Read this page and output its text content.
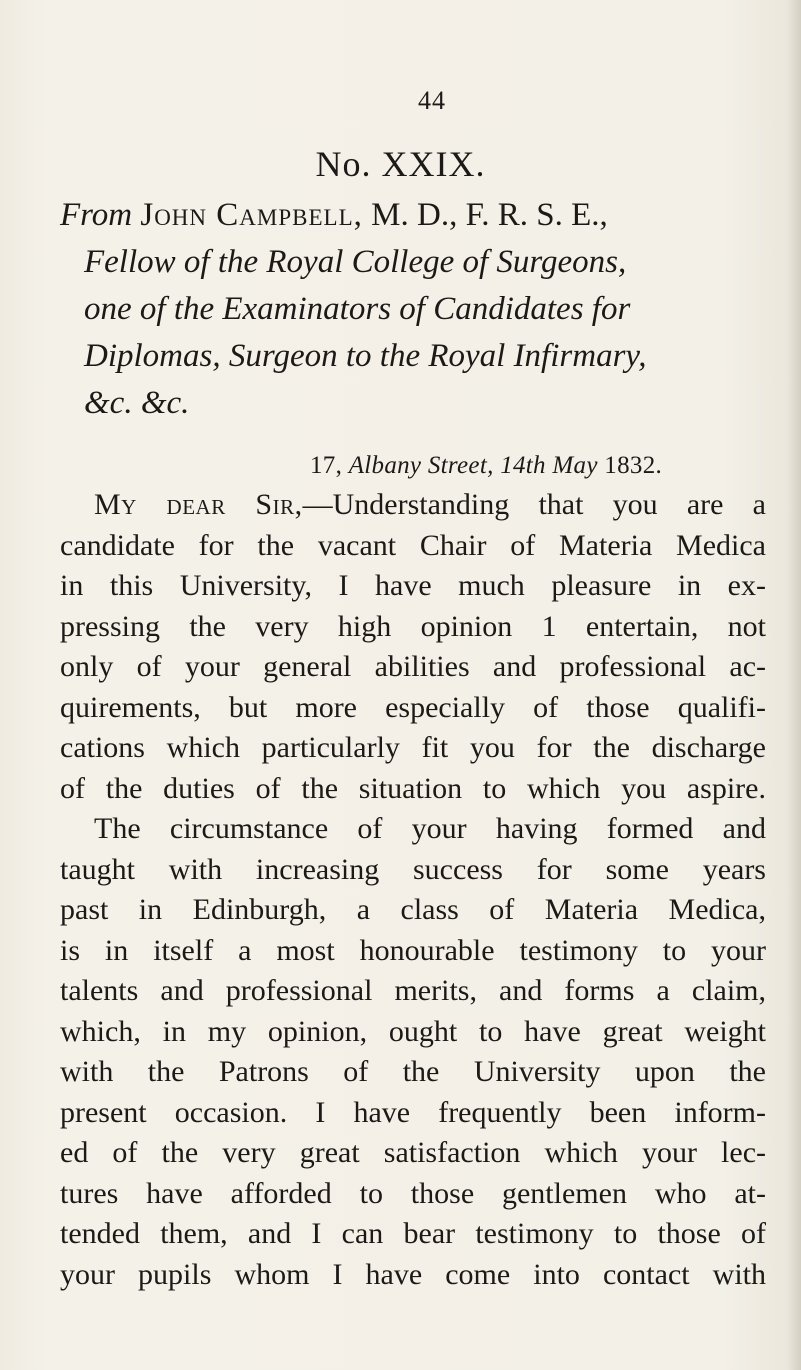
44
No. XXIX.
From John Campbell, M. D., F. R. S. E.,
Fellow of the Royal College of Surgeons,
one of the Examinators of Candidates for
Diplomas, Surgeon to the Royal Infirmary,
&c. &c.
17, Albany Street, 14th May 1832.
My dear Sir,—Understanding that you are a
candidate for the vacant Chair of Materia Medica
in this University, I have much pleasure in ex-
pressing the very high opinion 1 entertain, not
only of your general abilities and professional ac-
quirements, but more especially of those qualifi-
cations which particularly fit you for the discharge
of the duties of the situation to which you aspire.
The circumstance of your having formed and
taught with increasing success for some years
past in Edinburgh, a class of Materia Medica,
is in itself a most honourable testimony to your
talents and professional merits, and forms a claim,
which, in my opinion, ought to have great weight
with the Patrons of the University upon the
present occasion. I have frequently been inform-
ed of the very great satisfaction which your lec-
tures have afforded to those gentlemen who at-
tended them, and I can bear testimony to those of
your pupils whom I have come into contact with
